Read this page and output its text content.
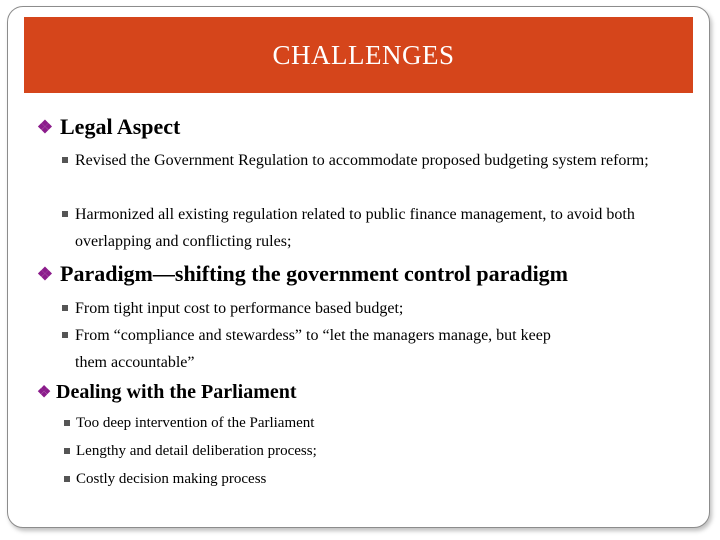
CHALLENGES
❖ Legal Aspect
Revised the Government Regulation to accommodate proposed budgeting system reform;
Harmonized all existing regulation related to public finance management, to avoid both overlapping and conflicting rules;
❖ Paradigm—shifting the government control paradigm
From tight input cost to performance based budget;
From “compliance and stewardess” to “let the managers manage, but keep them accountable”
❖ Dealing with the Parliament
Too deep intervention of the Parliament
Lengthy and detail deliberation process;
Costly decision making process
